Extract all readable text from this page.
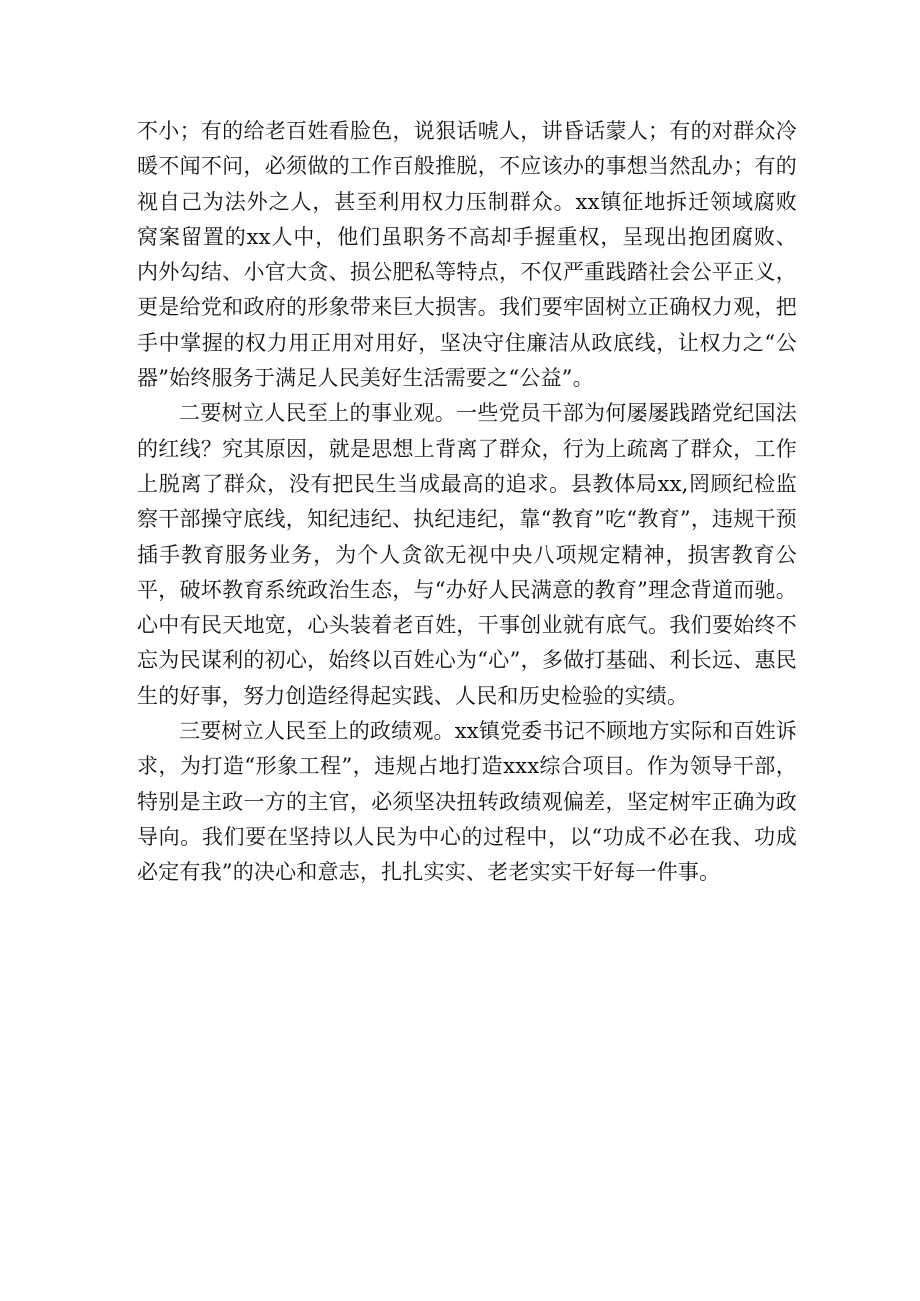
不小；有的给老百姓看脸色，说狠话唬人，讲昏话蒙人；有的对群众冷暖不闻不问，必须做的工作百般推脱，不应该办的事想当然乱办；有的视自己为法外之人，甚至利用权力压制群众。xx镇征地拆迁领域腐败窝案留置的xx人中，他们虽职务不高却手握重权，呈现出抱团腐败、内外勾结、小官大贪、损公肥私等特点，不仅严重践踏社会公平正义，更是给党和政府的形象带来巨大损害。我们要牢固树立正确权力观，把手中掌握的权力用正用对用好，坚决守住廉洁从政底线，让权力之“公器”始终服务于满足人民美好生活需要之“公益”。

二要树立人民至上的事业观。一些党员干部为何屡屡践踏党纪国法的红线？究其原因，就是思想上背离了群众，行为上疏离了群众，工作上脱离了群众，没有把民生当成最高的追求。县教体局xx,罔顾纪检监察干部操守底线，知纪违纪、执纪违纪，靠“教育”吃“教育”，违规干预插手教育服务业务，为个人贪欲无视中央八项规定精神，损害教育公平，破坏教育系统政治生态，与“办好人民满意的教育”理念背道而驰。心中有民天地宽，心头装着老百姓，干事创业就有底气。我们要始终不忘为民谋利的初心，始终以百姓心为“心”，多做打基础、利长远、惠民生的好事，努力创造经得起实践、人民和历史检验的实绩。

三要树立人民至上的政绩观。xx镇党委书记不顾地方实际和百姓诉求，为打造“形象工程”，违规占地打造xxx综合项目。作为领导干部，特别是主政一方的主官，必须坚决扭转政绩观偏差，坚定树牢正确为政导向。我们要在坚持以人民为中心的过程中，以“功成不必在我、功成必定有我”的决心和意志，扎扎实实、老老实实干好每一件事。
